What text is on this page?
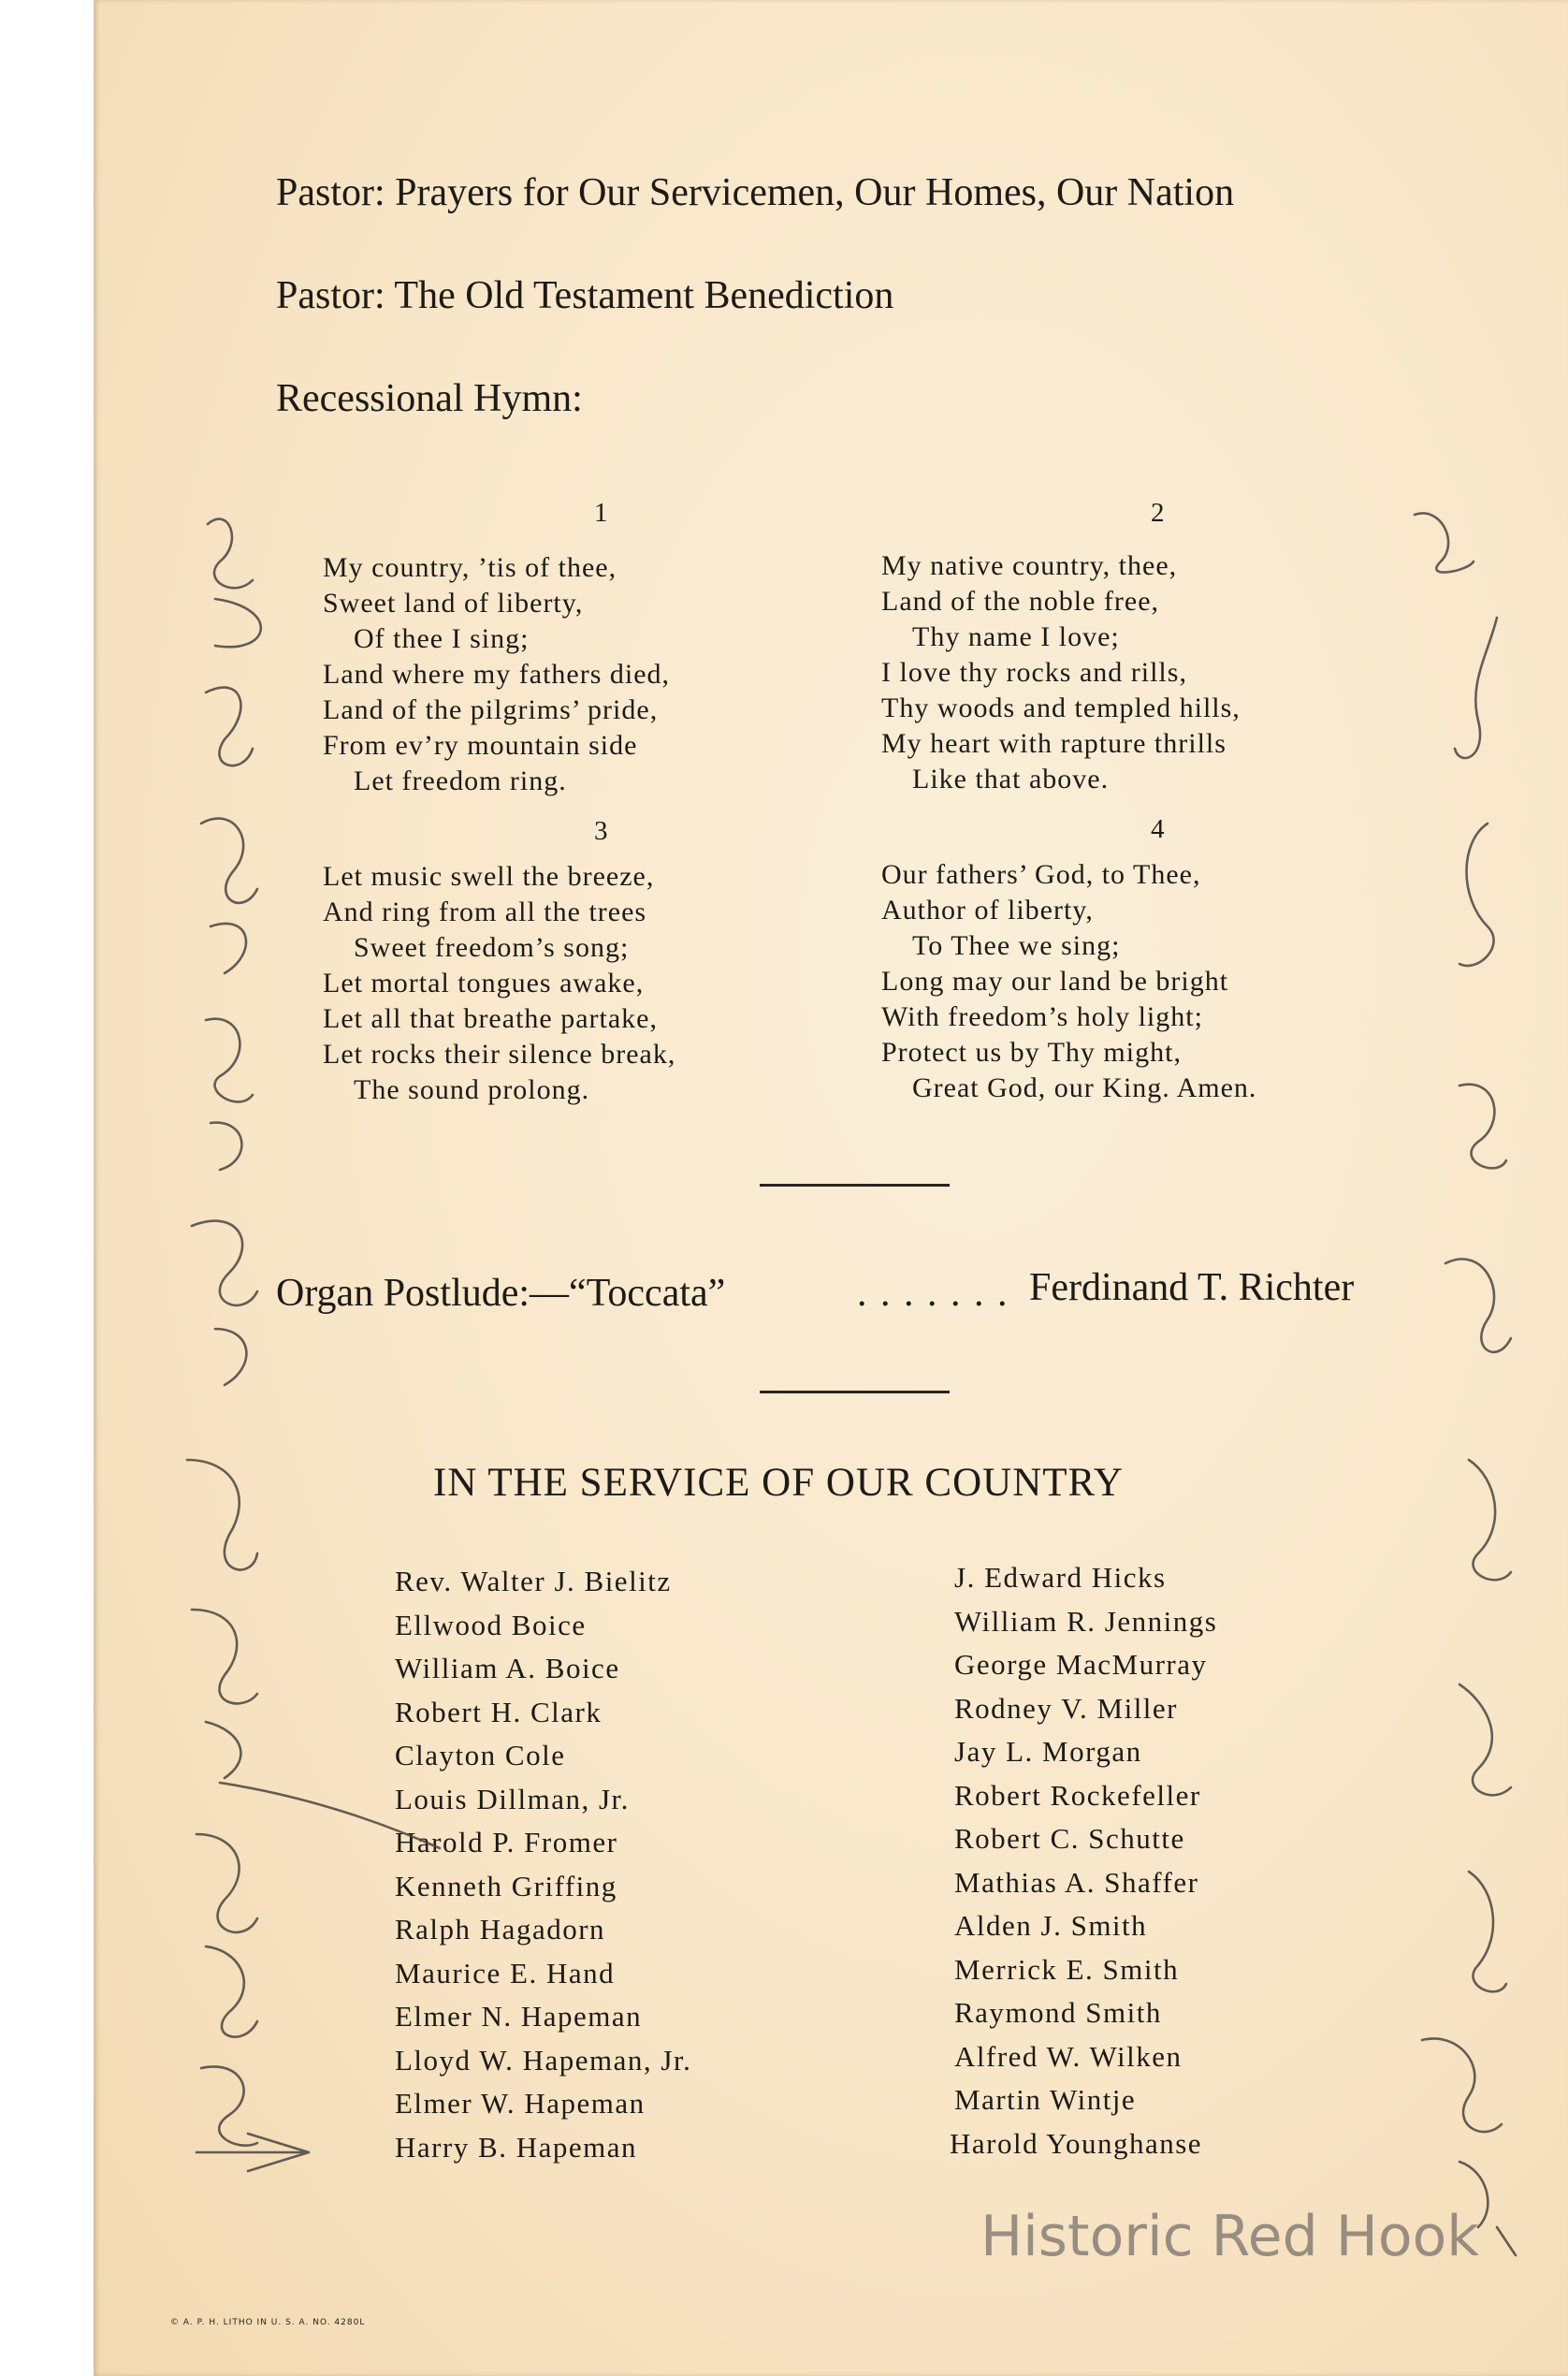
Pastor: Prayers for Our Servicemen, Our Homes, Our Nation
Pastor: The Old Testament Benediction
Recessional Hymn:
1
My country, ’tis of thee,
Sweet land of liberty,
Of thee I sing;
Land where my fathers died,
Land of the pilgrims’ pride,
From ev’ry mountain side
Let freedom ring.
2
My native country, thee,
Land of the noble free,
Thy name I love;
I love thy rocks and rills,
Thy woods and templed hills,
My heart with rapture thrills
Like that above.
3
Let music swell the breeze,
And ring from all the trees
Sweet freedom’s song;
Let mortal tongues awake,
Let all that breathe partake,
Let rocks their silence break,
The sound prolong.
4
Our fathers’ God, to Thee,
Author of liberty,
To Thee we sing;
Long may our land be bright
With freedom’s holy light;
Protect us by Thy might,
Great God, our King. Amen.
Organ Postlude:—“Toccata”	. . . . . . . Ferdinand T. Richter
IN THE SERVICE OF OUR COUNTRY
Rev. Walter J. Bielitz
Ellwood Boice
William A. Boice
Robert H. Clark
Clayton Cole
Louis Dillman, Jr.
Harold P. Fromer
Kenneth Griffing
Ralph Hagadorn
Maurice E. Hand
Elmer N. Hapeman
Lloyd W. Hapeman, Jr.
Elmer W. Hapeman
Harry B. Hapeman
J. Edward Hicks
William R. Jennings
George MacMurray
Rodney V. Miller
Jay L. Morgan
Robert Rockefeller
Robert C. Schutte
Mathias A. Shaffer
Alden J. Smith
Merrick E. Smith
Raymond Smith
Alfred W. Wilken
Martin Wintje
Harold Younghanse
Historic Red Hook
© A. P. H. LITHO IN U. S. A. NO. 4280L
